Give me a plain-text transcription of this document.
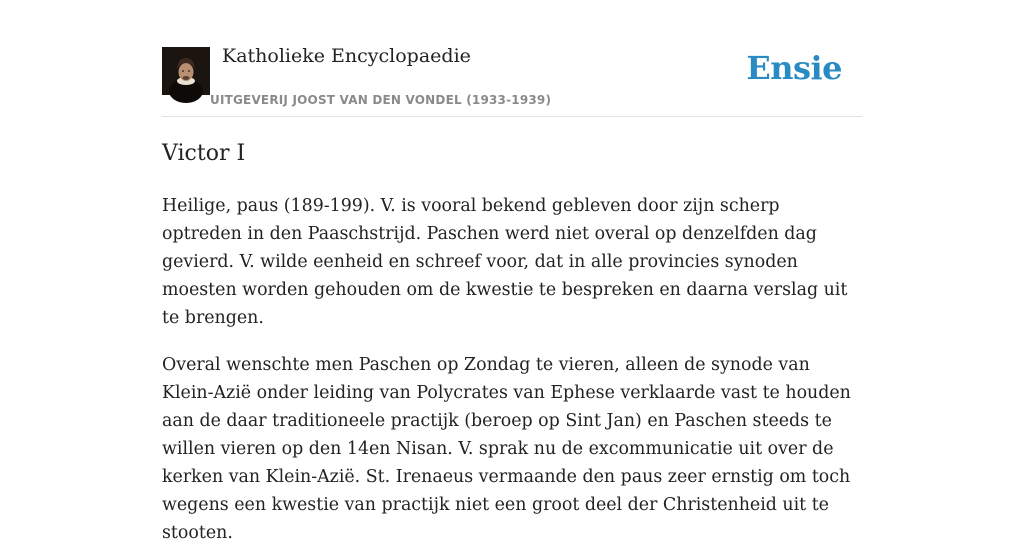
Katholieke Encyclopaedie
UITGEVERIJ JOOST VAN DEN VONDEL (1933-1939)
Ensie
Victor I

Heilige, paus (189-199). V. is vooral bekend gebleven door zijn scherp optreden in den Paaschstrijd. Paschen werd niet overal op denzelfden dag gevierd. V. wilde eenheid en schreef voor, dat in alle provincies synoden moesten worden gehouden om de kwestie te bespreken en daarna verslag uit te brengen.

Overal wenschte men Paschen op Zondag te vieren, alleen de synode van Klein-Azië onder leiding van Polycrates van Ephese verklaarde vast te houden aan de daar traditioneele practijk (beroep op Sint Jan) en Paschen steeds te willen vieren op den 14en Nisan. V. sprak nu de excommunicatie uit over de kerken van Klein-Azië. St. Irenaeus vermaande den paus zeer ernstig om toch wegens een kwestie van practijk niet een groot deel der Christenheid uit te stooten.
